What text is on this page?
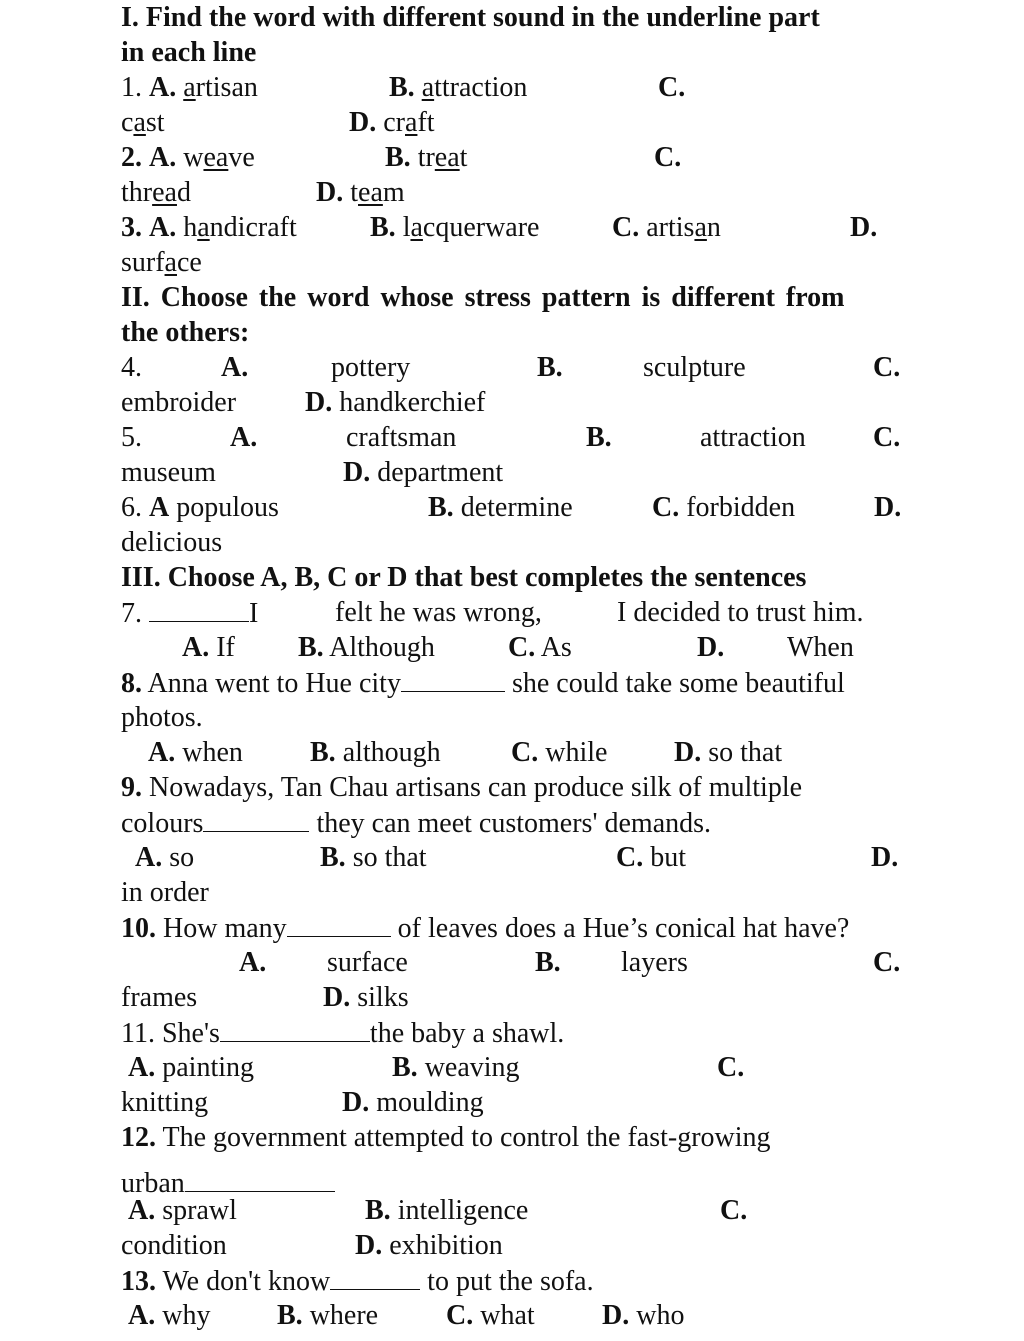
I. Find the word with different sound in the underline part
in each line
1. A. artisan	B. attraction	C.
cast	D. craft
2. A. weave	B. treat	C.
thread	D. team
3. A. handicraft	B. lacquerware	C. artisan	D.
surface
II. Choose the word whose stress pattern is different from
the others:
4.	A.	pottery	B.	sculpture	C.
embroider D. handkerchief
5.	A.	craftsman	B.	attraction C.
museum	D. department
6. A populous	B. determine	C. forbidden	D.
delicious
III. Choose A, B, C or D that best completes the sentences
7.	I	felt he was wrong,	I decided to trust him.
A. If B. Although	C. As	D. When
8. Anna went to Hue city	she could take some beautiful
photos.
A. when B. although	C. while D. so that
9. Nowadays, Tan Chau artisans can produce silk of multiple
colours	they can meet customers' demands.
A. so	B. so that	C. but	D.
in order
10. How many	of leaves does a Hue’s conical hat have?
A. surface	B. layers	C.
frames	D. silks
11. She's	the baby a shawl.
A. painting	B. weaving	C.
knitting	D. moulding
12. The government attempted to control the fast-growing
urban
A. sprawl	B. intelligence	C.
condition	D. exhibition
13. We don't know	to put the sofa.
A. why B. where C. what D. who
